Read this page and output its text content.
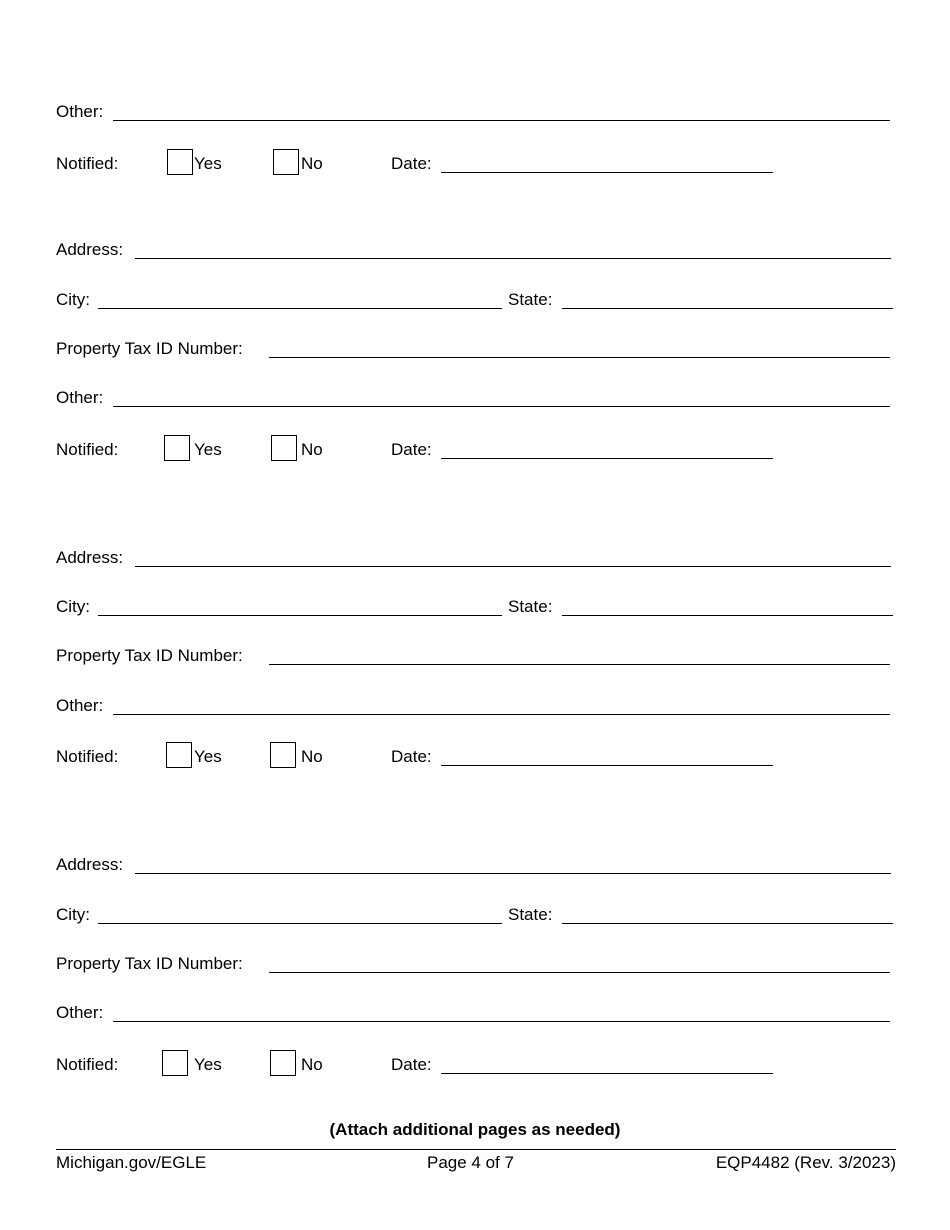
Other:
Notified:	Yes	No	Date:
Address:
City:	State:
Property Tax ID Number:
Other:
Notified:	Yes	No	Date:
Address:
City:	State:
Property Tax ID Number:
Other:
Notified:	Yes	No	Date:
Address:
City:	State:
Property Tax ID Number:
Other:
Notified:	Yes	No	Date:
(Attach additional pages as needed)
Michigan.gov/EGLE	Page 4 of 7	EQP4482 (Rev. 3/2023)
